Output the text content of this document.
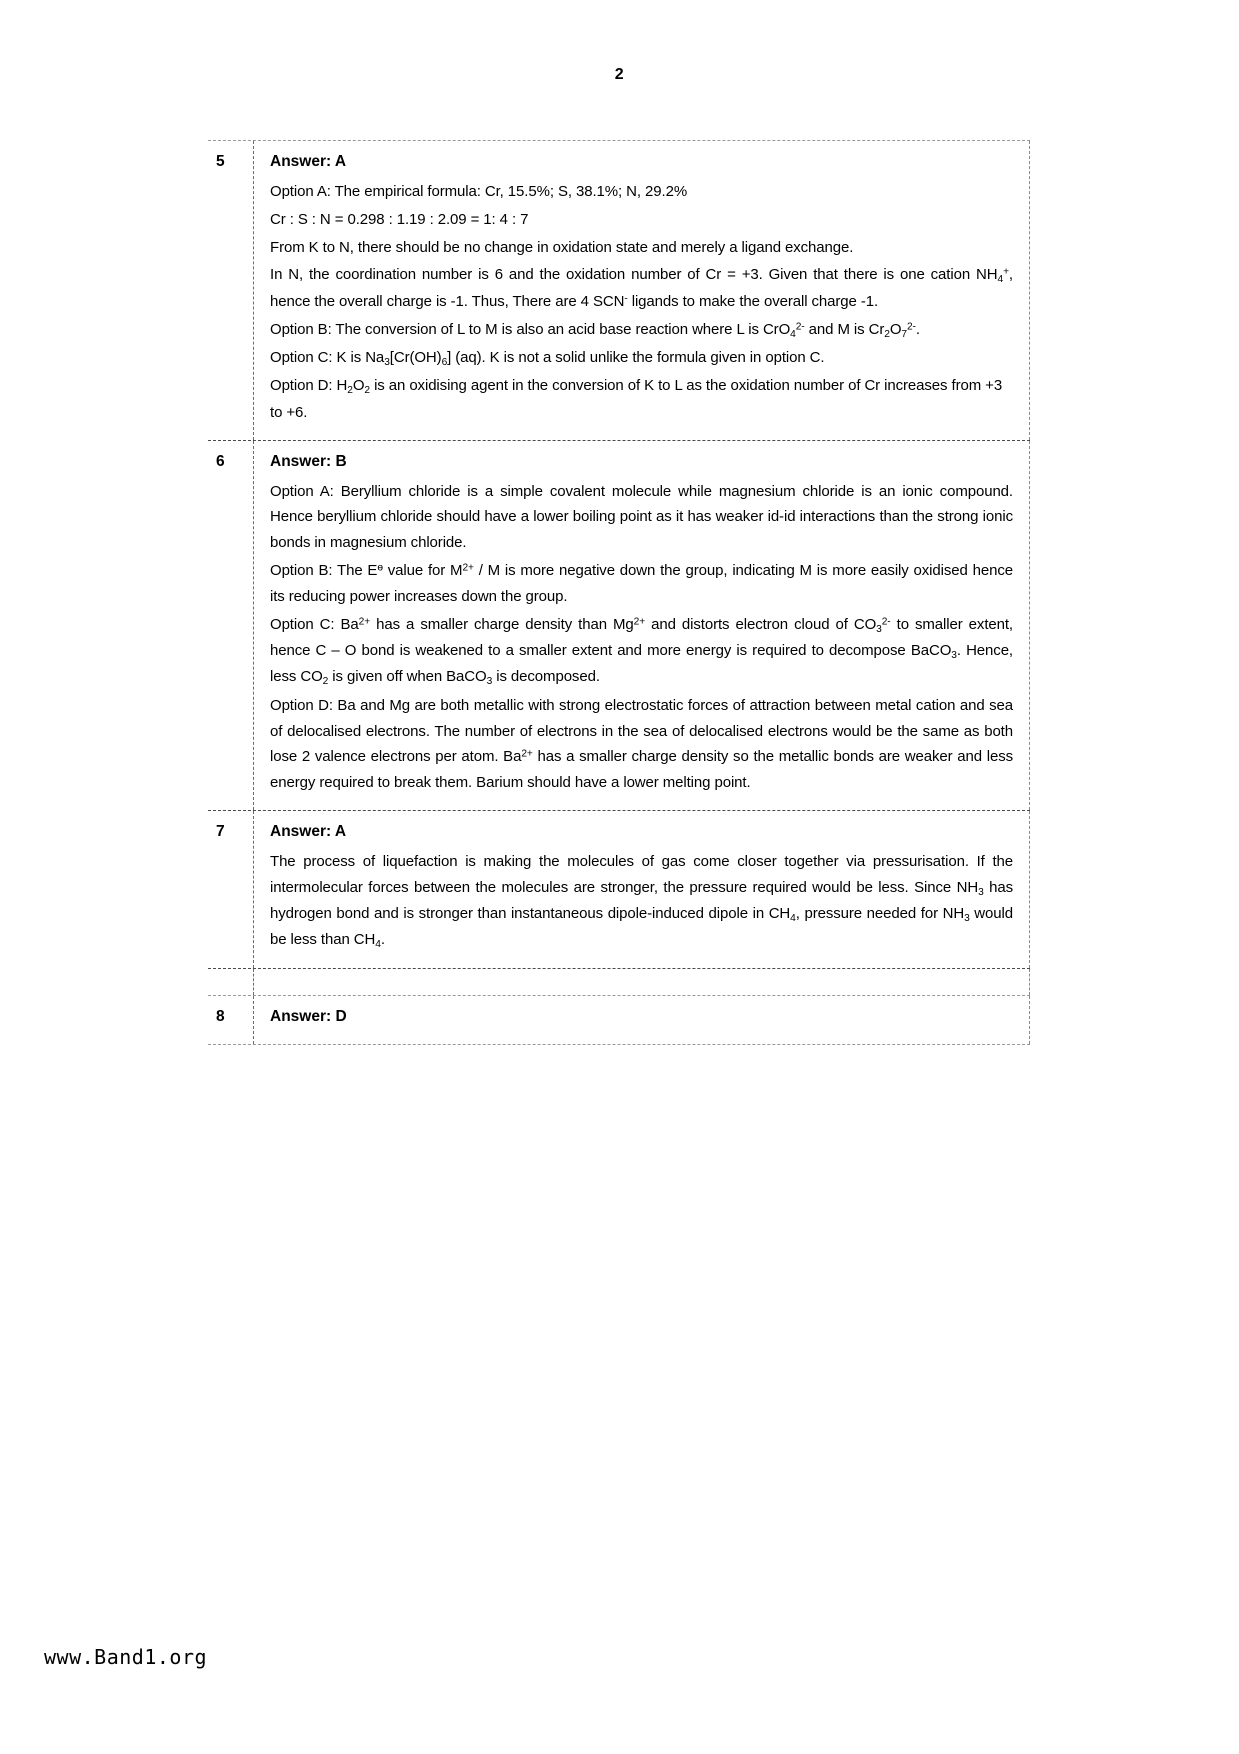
2
5	Answer: A

Option A: The empirical formula: Cr, 15.5%; S, 38.1%; N, 29.2%

Cr : S : N = 0.298 : 1.19 : 2.09 = 1: 4 : 7

From K to N, there should be no change in oxidation state and merely a ligand exchange.

In N, the coordination number is 6 and the oxidation number of Cr = +3. Given that there is one cation $NH_4^+$, hence the overall charge is -1. Thus, There are 4 SCN- ligands to make the overall charge -1.

Option B: The conversion of L to M is also an acid base reaction where L is CrO$_4^{2-}$ and M is $Cr_2O_7^{2-}$.

Option C: K is $Na_3[Cr(OH)_6]$ (aq). K is not a solid unlike the formula given in option C.

Option D: $H_2O_2$ is an oxidising agent in the conversion of K to L as the oxidation number of Cr increases from +3 to +6.

6	Answer: B

Option A: Beryllium chloride is a simple covalent molecule while magnesium chloride is an ionic compound. Hence beryllium chloride should have a lower boiling point as it has weaker id-id interactions than the strong ionic bonds in magnesium chloride.

Option B: The $E^ɵ$ value for $M^{2+}$ / M is more negative down the group, indicating M is more easily oxidised hence its reducing power increases down the group.

Option C: $Ba^{2+}$ has a smaller charge density than $Mg^{2+}$ and distorts electron cloud of $CO_3^{2-}$ to smaller extent, hence C – O bond is weakened to a smaller extent and more energy is required to decompose BaCO$_3$. Hence, less $CO_2$ is given off when BaCO$_3$ is decomposed.

Option D: Ba and Mg are both metallic with strong electrostatic forces of attraction between metal cation and sea of delocalised electrons. The number of electrons in the sea of delocalised electrons would be the same as both lose 2 valence electrons per atom. $Ba^{2+}$ has a smaller charge density so the metallic bonds are weaker and less energy required to break them. Barium should have a lower melting point.

7	Answer: A

The process of liquefaction is making the molecules of gas come closer together via pressurisation. If the intermolecular forces between the molecules are stronger, the pressure required would be less. Since $NH_3$ has hydrogen bond and is stronger than instantaneous dipole-induced dipole in $CH_4$, pressure needed for $NH_3$ would be less than $CH_4$.

8	Answer: D
www.Band1.org
